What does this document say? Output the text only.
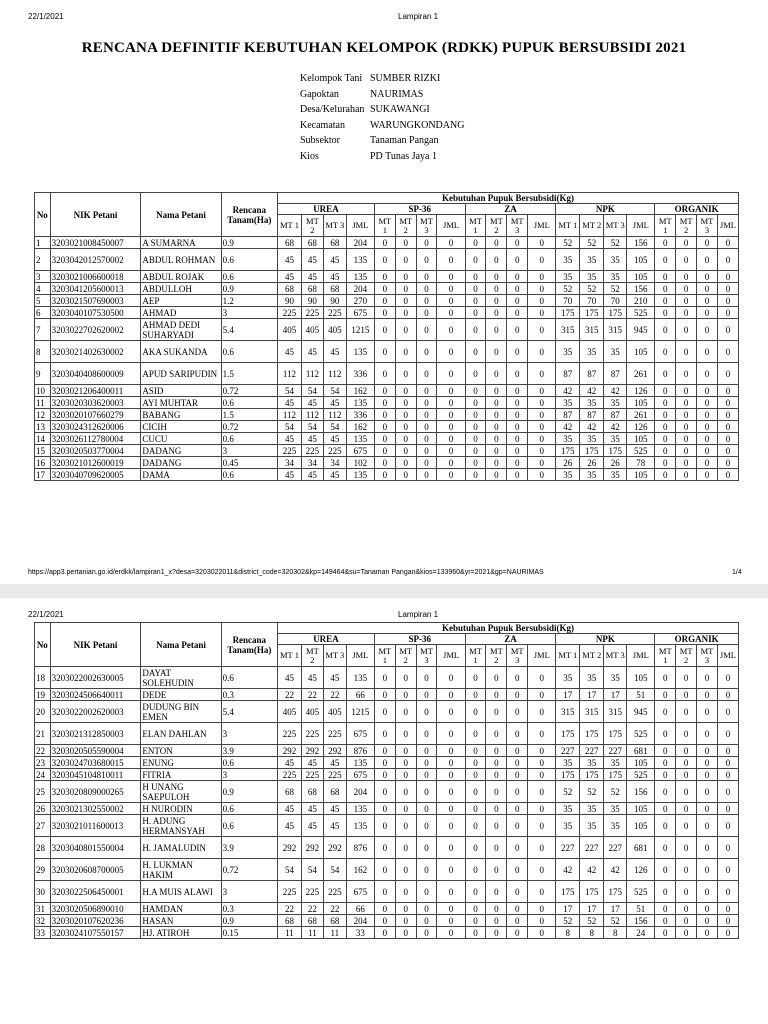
22/1/2021	Lampiran 1
RENCANA DEFINITIF KEBUTUHAN KELOMPOK (RDKK) PUPUK BERSUBSIDI 2021
Kelompok Tani	SUMBER RIZKI
Gapoktan	NAURIMAS
Desa/Kelurahan	SUKAWANGI
Kecamatan	WARUNGKONDANG
Subsektor	Tanaman Pangan
Kios	PD Tunas Jaya 1
No	NIK Petani	Nama Petani	Rencana Tanam(Ha)	Kebutuhan Pupuk Bersubsidi(Kg)																			
				UREA				SP-36				ZA				NPK				ORGANIK			
				MT 1	MT 2	MT 3	JML	MT 1	MT 2	MT 3	JML	MT 1	MT 2	MT 3	JML	MT 1	MT 2	MT 3	JML	MT 1	MT 2	MT 3	JML
1	3203021008450007	A SUMARNA	0.9	68	68	68	204	0	0	0	0	0	0	0	0	52	52	52	156	0	0	0	0
2	3203042012570002	ABDUL ROHMAN	0.6	45	45	45	135	0	0	0	0	0	0	0	0	35	35	35	105	0	0	0	0
3	3203021006600018	ABDUL ROJAK	0.6	45	45	45	135	0	0	0	0	0	0	0	0	35	35	35	105	0	0	0	0
4	3203041205600013	ABDULLOH	0.9	68	68	68	204	0	0	0	0	0	0	0	0	52	52	52	156	0	0	0	0
5	3203021507690003	AEP	1.2	90	90	90	270	0	0	0	0	0	0	0	0	70	70	70	210	0	0	0	0
6	3203040107530500	AHMAD	3	225	225	225	675	0	0	0	0	0	0	0	0	175	175	175	525	0	0	0	0
7	3203022702620002	AHMAD DEDI SUHARYADI	5.4	405	405	405	1215	0	0	0	0	0	0	0	0	315	315	315	945	0	0	0	0
8	3203021402630002	AKA SUKANDA	0.6	45	45	45	135	0	0	0	0	0	0	0	0	35	35	35	105	0	0	0	0
9	3203040408600009	APUD SARIPUDIN	1.5	112	112	112	336	0	0	0	0	0	0	0	0	87	87	87	261	0	0	0	0
10	3203021206400011	ASID	0.72	54	54	54	162	0	0	0	0	0	0	0	0	42	42	42	126	0	0	0	0
11	3203020303620003	AYI MUHTAR	0.6	45	45	45	135	0	0	0	0	0	0	0	0	35	35	35	105	0	0	0	0
12	3203020107660279	BABANG	1.5	112	112	112	336	0	0	0	0	0	0	0	0	87	87	87	261	0	0	0	0
13	3203024312620006	CICIH	0.72	54	54	54	162	0	0	0	0	0	0	0	0	42	42	42	126	0	0	0	0
14	3203026112780004	CUCU	0.6	45	45	45	135	0	0	0	0	0	0	0	0	35	35	35	105	0	0	0	0
15	3203020503770004	DADANG	3	225	225	225	675	0	0	0	0	0	0	0	0	175	175	175	525	0	0	0	0
16	3203021012600019	DADANG	0.45	34	34	34	102	0	0	0	0	0	0	0	0	26	26	26	78	0	0	0	0
17	3203040709620005	DAMA	0.6	45	45	45	135	0	0	0	0	0	0	0	0	35	35	35	105	0	0	0	0
https://app3.pertanian.go.id/erdkk/lampiran1_x?desa=3203022011&district_code=320302&kp=149464&su=Tanaman Pangan&kios=133960&yr=2021&gp=NAURIMAS	1/4
22/1/2021	Lampiran 1
No	NIK Petani	Nama Petani	Rencana Tanam(Ha)	Kebutuhan Pupuk Bersubsidi(Kg)																			
				UREA				SP-36				ZA				NPK				ORGANIK			
				MT 1	MT 2	MT 3	JML	MT 1	MT 2	MT 3	JML	MT 1	MT 2	MT 3	JML	MT 1	MT 2	MT 3	JML	MT 1	MT 2	MT 3	JML
18	3203022002630005	DAYAT SOLEHUDIN	0.6	45	45	45	135	0	0	0	0	0	0	0	0	35	35	35	105	0	0	0	0
19	3203024506640011	DEDE	0.3	22	22	22	66	0	0	0	0	0	0	0	0	17	17	17	51	0	0	0	0
20	3203022002620003	DUDUNG BIN EMEN	5.4	405	405	405	1215	0	0	0	0	0	0	0	0	315	315	315	945	0	0	0	0
21	3203021312850003	ELAN DAHLAN	3	225	225	225	675	0	0	0	0	0	0	0	0	175	175	175	525	0	0	0	0
22	3203020505590004	ENTON	3.9	292	292	292	876	0	0	0	0	0	0	0	0	227	227	227	681	0	0	0	0
23	3203024703680015	ENUNG	0.6	45	45	45	135	0	0	0	0	0	0	0	0	35	35	35	105	0	0	0	0
24	3203045104810011	FITRIA	3	225	225	225	675	0	0	0	0	0	0	0	0	175	175	175	525	0	0	0	0
25	3203020809000265	H UNANG SAEPULOH	0.9	68	68	68	204	0	0	0	0	0	0	0	0	52	52	52	156	0	0	0	0
26	3203021302550002	H NURODIN	0.6	45	45	45	135	0	0	0	0	0	0	0	0	35	35	35	105	0	0	0	0
27	3203021011600013	H. ADUNG HERMANSYAH	0.6	45	45	45	135	0	0	0	0	0	0	0	0	35	35	35	105	0	0	0	0
28	3203040801550004	H. JAMALUDIN	3.9	292	292	292	876	0	0	0	0	0	0	0	0	227	227	227	681	0	0	0	0
29	3203020608700005	H. LUKMAN HAKIM	0.72	54	54	54	162	0	0	0	0	0	0	0	0	42	42	42	126	0	0	0	0
30	3203022506450001	H.A MUIS ALAWI	3	225	225	225	675	0	0	0	0	0	0	0	0	175	175	175	525	0	0	0	0
31	3203020506890010	HAMDAN	0.3	22	22	22	66	0	0	0	0	0	0	0	0	17	17	17	51	0	0	0	0
32	3203020107620236	HASAN	0.9	68	68	68	204	0	0	0	0	0	0	0	0	52	52	52	156	0	0	0	0
33	3203024107550157	HJ. ATIROH	0.15	11	11	11	33	0	0	0	0	0	0	0	0	8	8	8	24	0	0	0	0
